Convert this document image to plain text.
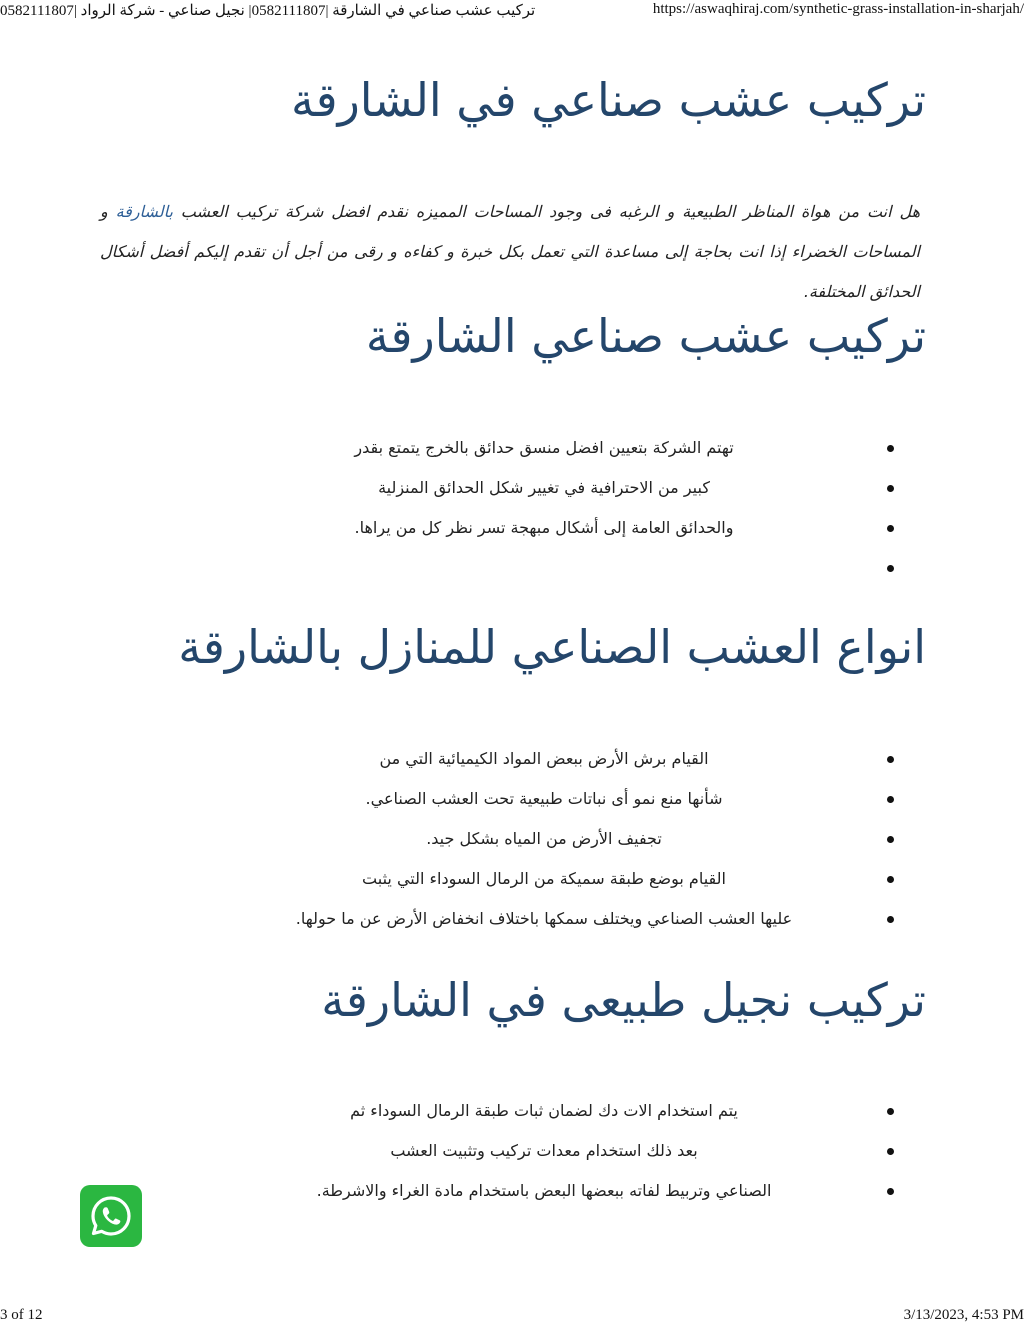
تركيب عشب صناعي في الشارقة |0582111807| نجيل صناعي - شركة الرواد |0582111807	https://aswaqhiraj.com/synthetic-grass-installation-in-sharjah/
تركيب عشب صناعي في الشارقة

هل انت من هواة المناظر الطبيعية و الرغبه فى وجود المساحات المميزه نقدم افضل شركة تركيب العشب بالشارقة و المساحات الخضراء إذا انت بحاجة إلى مساعدة التي تعمل بكل خبرة و كفاءه و رقى من أجل أن تقدم إليكم أفضل أشكال الحدائق المختلفة.

تركيب عشب صناعي الشارقة
تهتم الشركة بتعيين افضل منسق حدائق بالخرج يتمتع بقدر
كبير من الاحترافية في تغيير شكل الحدائق المنزلية
والحدائق العامة إلى أشكال مبهجة تسر نظر كل من يراها.
انواع العشب الصناعي للمنازل بالشارقة
القيام برش الأرض ببعض المواد الكيميائية التي من
شأنها منع نمو أى نباتات طبيعية تحت العشب الصناعي.
تجفيف الأرض من المياه بشكل جيد.
القيام بوضع طبقة سميكة من الرمال السوداء التي يثبت
عليها العشب الصناعي ويختلف سمكها باختلاف انخفاض الأرض عن ما حولها.
تركيب نجيل طبيعى في الشارقة
يتم استخدام الات دك لضمان ثبات طبقة الرمال السوداء ثم
بعد ذلك استخدام معدات تركيب وتثبيت العشب
الصناعي وتربيط لفاته ببعضها البعض باستخدام مادة الغراء والاشرطة.
3 of 12	3/13/2023, 4:53 PM
